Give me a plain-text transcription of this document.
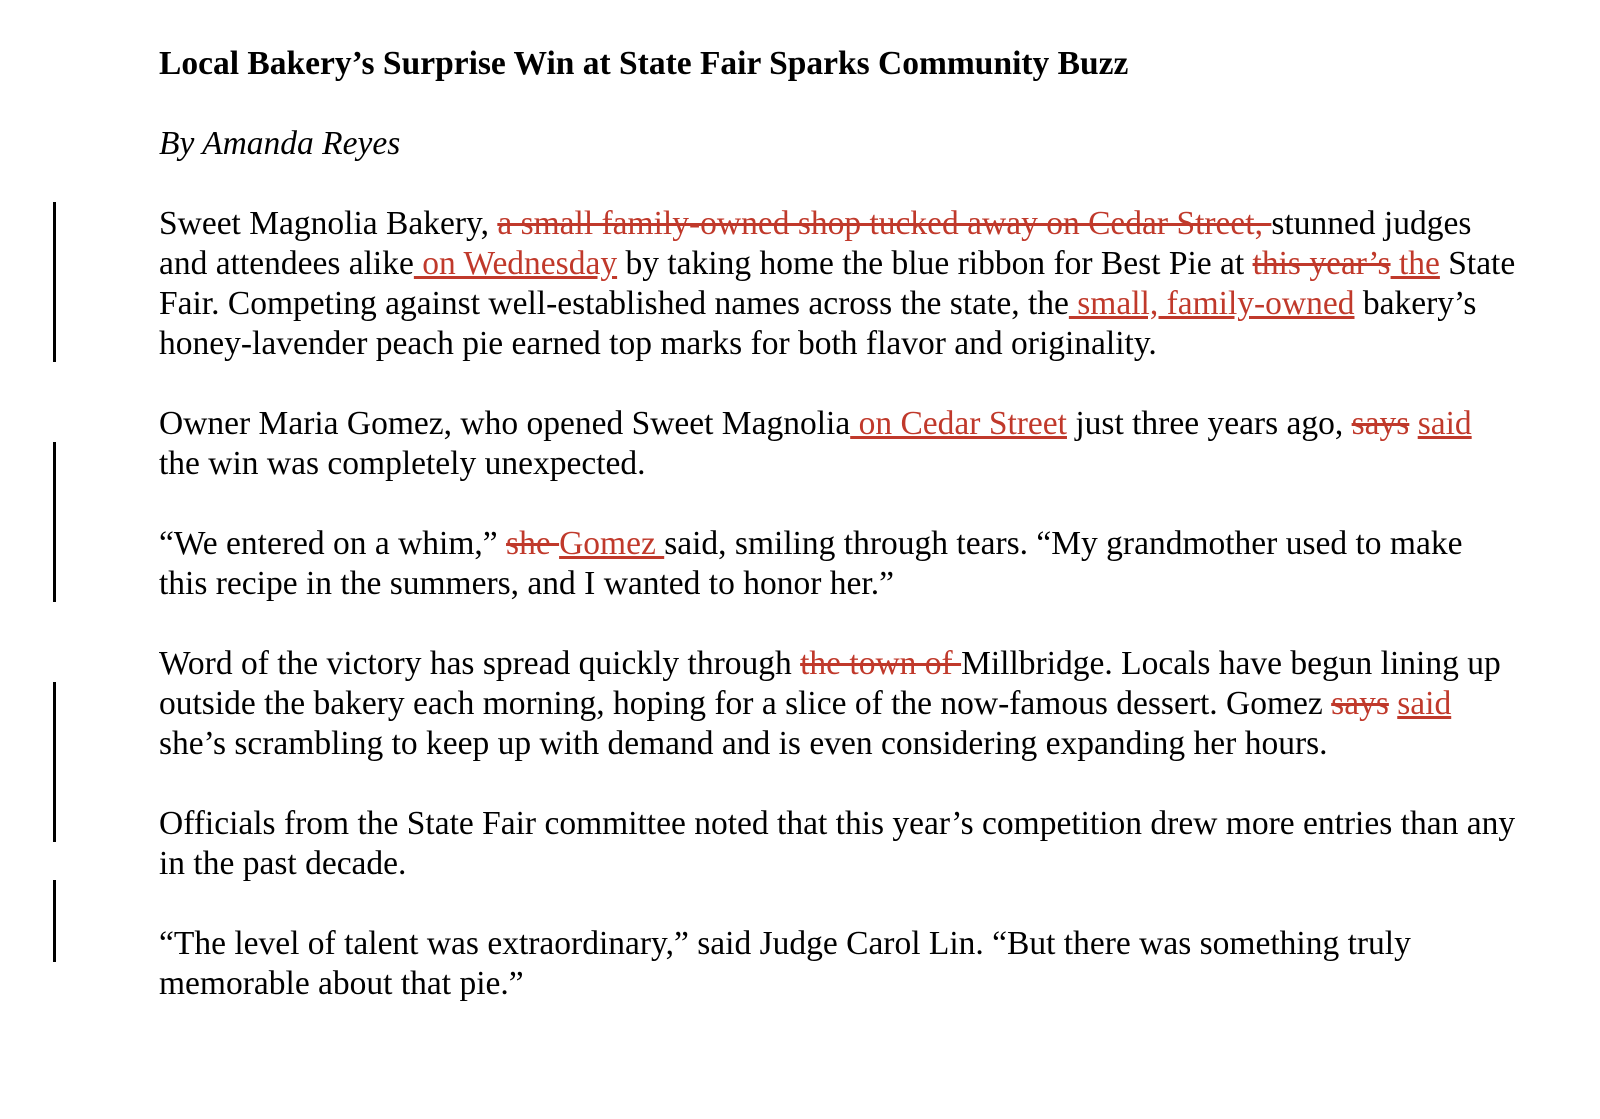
Local Bakery’s Surprise Win at State Fair Sparks Community Buzz
By Amanda Reyes
Sweet Magnolia Bakery, a small family-owned shop tucked away on Cedar Street, stunned judges and attendees alike on Wednesday by taking home the blue ribbon for Best Pie at this year’s the State Fair. Competing against well-established names across the state, the small, family-owned bakery’s honey-lavender peach pie earned top marks for both flavor and originality.
Owner Maria Gomez, who opened Sweet Magnolia on Cedar Street just three years ago, says said the win was completely unexpected.
“We entered on a whim,” she Gomez said, smiling through tears. “My grandmother used to make this recipe in the summers, and I wanted to honor her.”
Word of the victory has spread quickly through the town of Millbridge. Locals have begun lining up outside the bakery each morning, hoping for a slice of the now-famous dessert. Gomez says said she’s scrambling to keep up with demand and is even considering expanding her hours.
Officials from the State Fair committee noted that this year’s competition drew more entries than any in the past decade.
“The level of talent was extraordinary,” said Judge Carol Lin. “But there was something truly memorable about that pie.”
